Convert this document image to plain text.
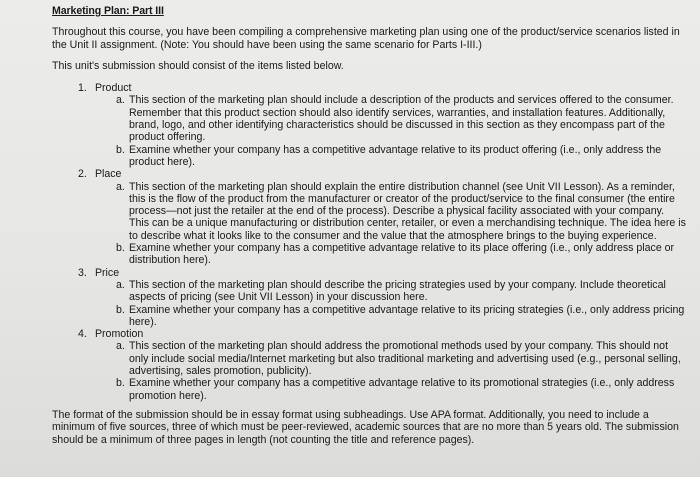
Marketing Plan: Part III
Throughout this course, you have been compiling a comprehensive marketing plan using one of the product/service scenarios listed in the Unit II assignment. (Note: You should have been using the same scenario for Parts I-III.)
This unit's submission should consist of the items listed below.
1. Product
a. This section of the marketing plan should include a description of the products and services offered to the consumer. Remember that this product section should also identify services, warranties, and installation features. Additionally, brand, logo, and other identifying characteristics should be discussed in this section as they encompass part of the product offering.
b. Examine whether your company has a competitive advantage relative to its product offering (i.e., only address the product here).
2. Place
a. This section of the marketing plan should explain the entire distribution channel (see Unit VII Lesson). As a reminder, this is the flow of the product from the manufacturer or creator of the product/service to the final consumer (the entire process—not just the retailer at the end of the process). Describe a physical facility associated with your company. This can be a unique manufacturing or distribution center, retailer, or even a merchandising technique. The idea here is to describe what it looks like to the consumer and the value that the atmosphere brings to the buying experience.
b. Examine whether your company has a competitive advantage relative to its place offering (i.e., only address place or distribution here).
3. Price
a. This section of the marketing plan should describe the pricing strategies used by your company. Include theoretical aspects of pricing (see Unit VII Lesson) in your discussion here.
b. Examine whether your company has a competitive advantage relative to its pricing strategies (i.e., only address pricing here).
4. Promotion
a. This section of the marketing plan should address the promotional methods used by your company. This should not only include social media/Internet marketing but also traditional marketing and advertising used (e.g., personal selling, advertising, sales promotion, publicity).
b. Examine whether your company has a competitive advantage relative to its promotional strategies (i.e., only address promotion here).
The format of the submission should be in essay format using subheadings. Use APA format. Additionally, you need to include a minimum of five sources, three of which must be peer-reviewed, academic sources that are no more than 5 years old. The submission should be a minimum of three pages in length (not counting the title and reference pages).
